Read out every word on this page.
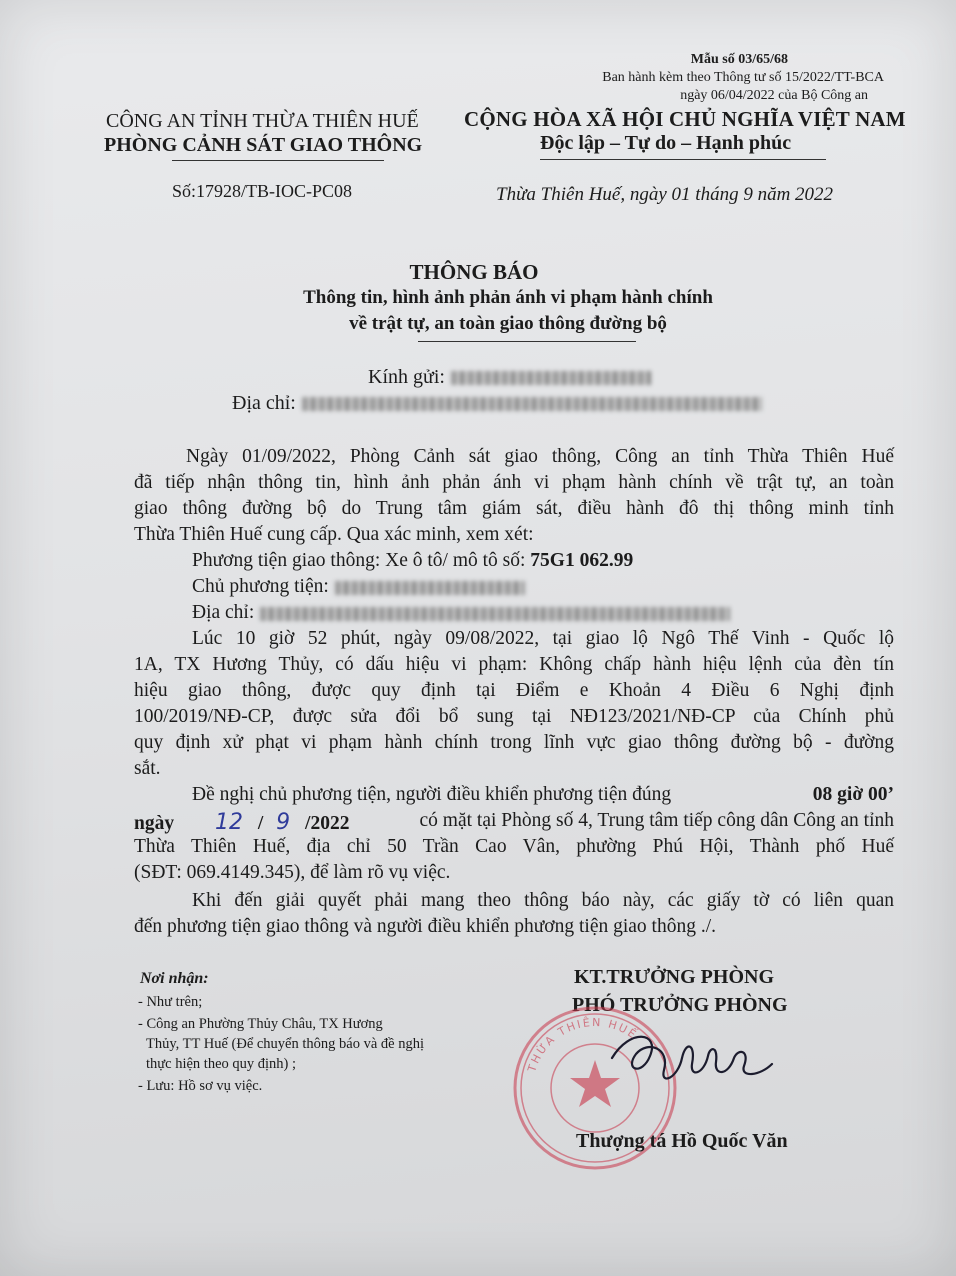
Mẫu số 03/65/68
Ban hành kèm theo Thông tư số 15/2022/TT-BCA
ngày 06/04/2022 của Bộ Công an
CÔNG AN TỈNH THỪA THIÊN HUẾ
PHÒNG CẢNH SÁT GIAO THÔNG
Số:17928/TB-IOC-PC08
CỘNG HÒA XÃ HỘI CHỦ NGHĨA VIỆT NAM
Độc lập – Tự do – Hạnh phúc
Thừa Thiên Huế, ngày 01 tháng 9 năm 2022
THÔNG BÁO
Thông tin, hình ảnh phản ánh vi phạm hành chính
về trật tự, an toàn giao thông đường bộ
Kính gửi:
Địa chỉ:
Ngày 01/09/2022, Phòng Cảnh sát giao thông, Công an tỉnh Thừa Thiên Huế
đã tiếp nhận thông tin, hình ảnh phản ánh vi phạm hành chính về trật tự, an toàn
giao thông đường bộ do Trung tâm giám sát, điều hành đô thị thông minh tỉnh
Thừa Thiên Huế cung cấp. Qua xác minh, xem xét:
Phương tiện giao thông: Xe ô tô/ mô tô số: 75G1 062.99
Chủ phương tiện:
Địa chỉ:
Lúc 10 giờ 52 phút, ngày 09/08/2022, tại giao lộ Ngô Thế Vinh - Quốc lộ
1A, TX Hương Thủy, có dấu hiệu vi phạm: Không chấp hành hiệu lệnh của đèn tín
hiệu giao thông, được quy định tại Điểm e Khoản 4 Điều 6 Nghị định
100/2019/NĐ-CP, được sửa đổi bổ sung tại NĐ123/2021/NĐ-CP của Chính phủ
quy định xử phạt vi phạm hành chính trong lĩnh vực giao thông đường bộ - đường
sắt.
Đề nghị chủ phương tiện, người điều khiển phương tiện đúng	08 giờ 00’
ngày 12 / 9 /2022	có mặt tại Phòng số 4, Trung tâm tiếp công dân Công an tỉnh
Thừa Thiên Huế, địa chỉ 50 Trần Cao Vân, phường Phú Hội, Thành phố Huế
(SĐT: 069.4149.345), để làm rõ vụ việc.
Khi đến giải quyết phải mang theo thông báo này, các giấy tờ có liên quan
đến phương tiện giao thông và người điều khiển phương tiện giao thông ./.
Nơi nhận:
- Như trên;
- Công an Phường Thủy Châu, TX Hương
Thủy, TT Huế (Để chuyển thông báo và đề nghị
thực hiện theo quy định) ;
- Lưu: Hồ sơ vụ việc.
KT.TRƯỞNG PHÒNG
PHÓ TRƯỞNG PHÒNG
THỪA THIÊN HUẾ
Thượng tá Hồ Quốc Văn
